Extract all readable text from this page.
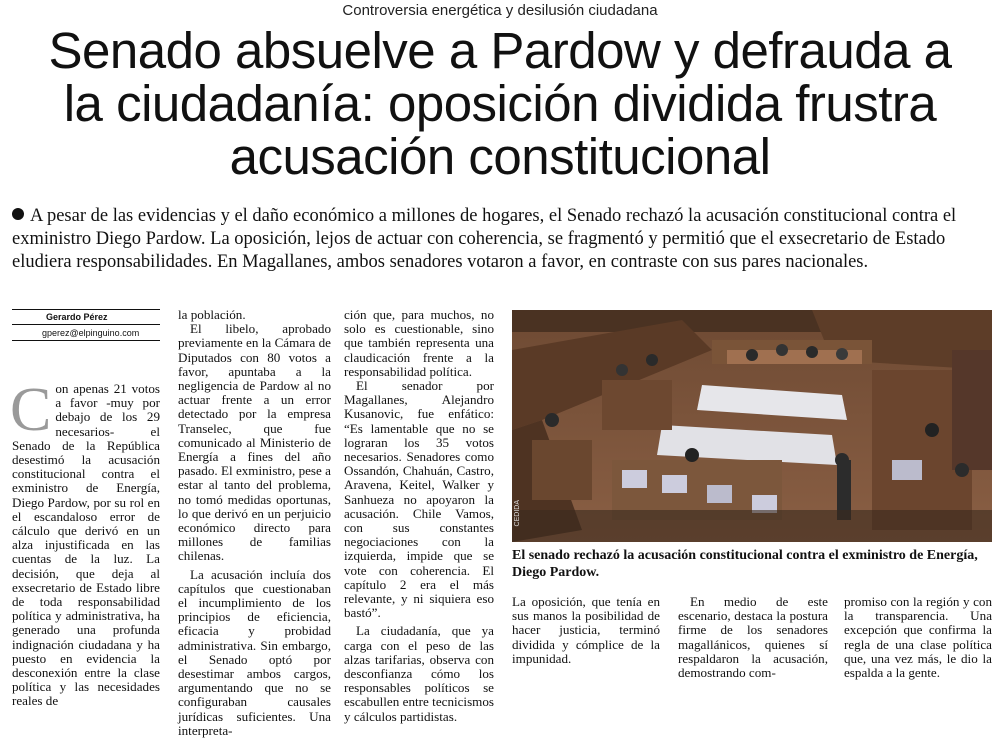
Controversia energética y desilusión ciudadana
Senado absuelve a Pardow y defrauda a
la ciudadanía: oposición dividida frustra
acusación constitucional

A pesar de las evidencias y el daño económico a millones de hogares, el Senado rechazó la acusación constitucional contra el exministro Diego Pardow. La oposición, lejos de actuar con coherencia, se fragmentó y permitió que el exsecretario de Estado eludiera responsabilidades. En Magallanes, ambos senadores votaron a favor, en contraste con sus pares nacionales.

Gerardo Pérez
gperez@elpinguino.com

Con apenas 21 votos a favor -muy por debajo de los 29 necesarios- el Senado de la República desestimó la acusación constitucional contra el exministro de Energía, Diego Pardow, por su rol en el escandaloso error de cálculo que derivó en un alza injustificada en las cuentas de la luz. La decisión, que deja al exsecretario de Estado libre de toda responsabilidad política y administrativa, ha generado una profunda indignación ciudadana y ha puesto en evidencia la desconexión entre la clase política y las necesidades reales de

la población.

El libelo, aprobado previamente en la Cámara de Diputados con 80 votos a favor, apuntaba a la negligencia de Pardow al no actuar frente a un error detectado por la empresa Transelec, que fue comunicado al Ministerio de Energía a fines del año pasado. El exministro, pese a estar al tanto del problema, no tomó medidas oportunas, lo que derivó en un perjuicio económico directo para millones de familias chilenas.

La acusación incluía dos capítulos que cuestionaban el incumplimiento de los principios de eficiencia, eficacia y probidad administrativa. Sin embargo, el Senado optó por desestimar ambos cargos, argumentando que no se configuraban causales jurídicas suficientes. Una interpreta-

ción que, para muchos, no solo es cuestionable, sino que también representa una claudicación frente a la responsabilidad política.

El senador por Magallanes, Alejandro Kusanovic, fue enfático: “Es lamentable que no se lograran los 35 votos necesarios. Senadores como Ossandón, Chahuán, Castro, Aravena, Keitel, Walker y Sanhueza no apoyaron la acusación. Chile Vamos, con sus constantes negociaciones con la izquierda, impide que se vote con coherencia. El capítulo 2 era el más relevante, y ni siquiera eso bastó”.

La ciudadanía, que ya carga con el peso de las alzas tarifarias, observa con desconfianza cómo los responsables políticos se escabullen entre tecnicismos y cálculos partidistas.

CEDIDA
El senado rechazó la acusación constitucional contra el exministro de Energía, Diego Pardow.

La oposición, que tenía en sus manos la posibilidad de hacer justicia, terminó dividida y cómplice de la impunidad.

En medio de este escenario, destaca la postura firme de los senadores magallánicos, quienes sí respaldaron la acusación, demostrando com-

promiso con la región y con la transparencia. Una excepción que confirma la regla de una clase política que, una vez más, le dio la espalda a la gente.
